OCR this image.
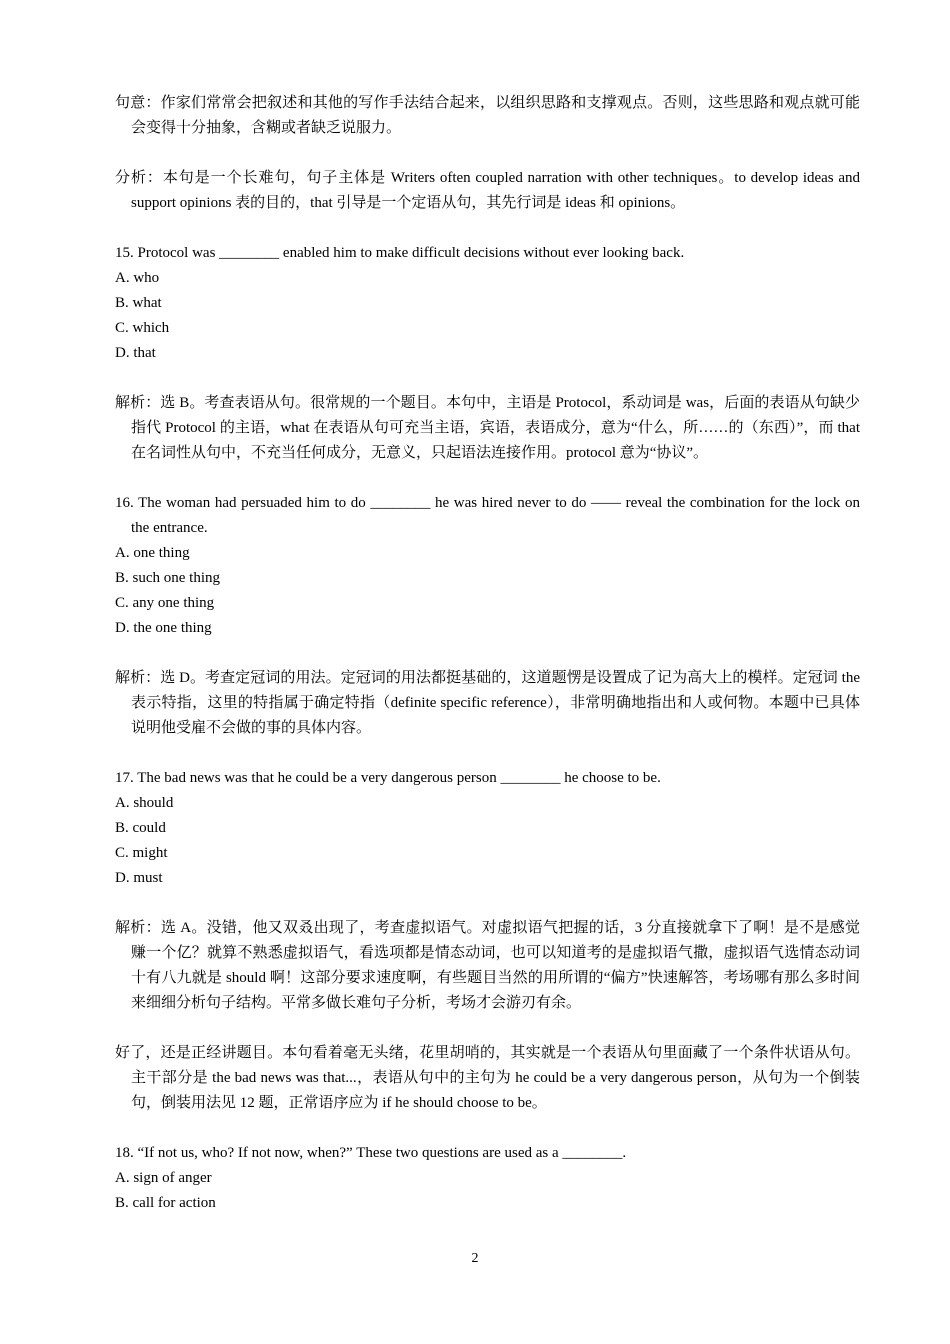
句意：作家们常常会把叙述和其他的写作手法结合起来，以组织思路和支撑观点。否则，这些思路和观点就可能会变得十分抽象，含糊或者缺乏说服力。
分析：本句是一个长难句，句子主体是 Writers often coupled narration with other techniques。to develop ideas and support opinions 表的目的，that 引导是一个定语从句，其先行词是 ideas 和 opinions。
15. Protocol was ________ enabled him to make difficult decisions without ever looking back.
A. who
B. what
C. which
D. that
解析：选 B。考查表语从句。很常规的一个题目。本句中，主语是 Protocol，系动词是 was，后面的表语从句缺少指代 Protocol 的主语，what 在表语从句可充当主语，宾语，表语成分，意为“什么，所……的（东西）”，而 that 在名词性从句中，不充当任何成分，无意义，只起语法连接作用。protocol 意为“协议”。
16. The woman had persuaded him to do ________ he was hired never to do —— reveal the combination for the lock on the entrance.
A. one thing
B. such one thing
C. any one thing
D. the one thing
解析：选 D。考查定冠词的用法。定冠词的用法都挺基础的，这道题愣是设置成了记为高大上的模样。定冠词 the 表示特指，这里的特指属于确定特指（definite specific reference），非常明确地指出和人或何物。本题中已具体说明他受雇不会做的事的具体内容。
17. The bad news was that he could be a very dangerous person ________ he choose to be.
A. should
B. could
C. might
D. must
解析：选 A。没错，他又双叒出现了，考查虚拟语气。对虚拟语气把握的话，3 分直接就拿下了啊！是不是感觉赚一个亿？就算不熟悉虚拟语气，看选项都是情态动词，也可以知道考的是虚拟语气撒，虚拟语气选情态动词十有八九就是 should 啊！这部分要求速度啊，有些题目当然的用所谓的“偏方”快速解答，考场哪有那么多时间来细细分析句子结构。平常多做长难句子分析，考场才会游刃有余。
好了，还是正经讲题目。本句看着毫无头绪，花里胡哨的，其实就是一个表语从句里面藏了一个条件状语从句。主干部分是 the bad news was that...，表语从句中的主句为 he could be a very dangerous person，从句为一个倒装句，倒装用法见 12 题，正常语序应为 if he should choose to be。
18. “If not us, who? If not now, when?” These two questions are used as a ________.
A. sign of anger
B. call for action
2
